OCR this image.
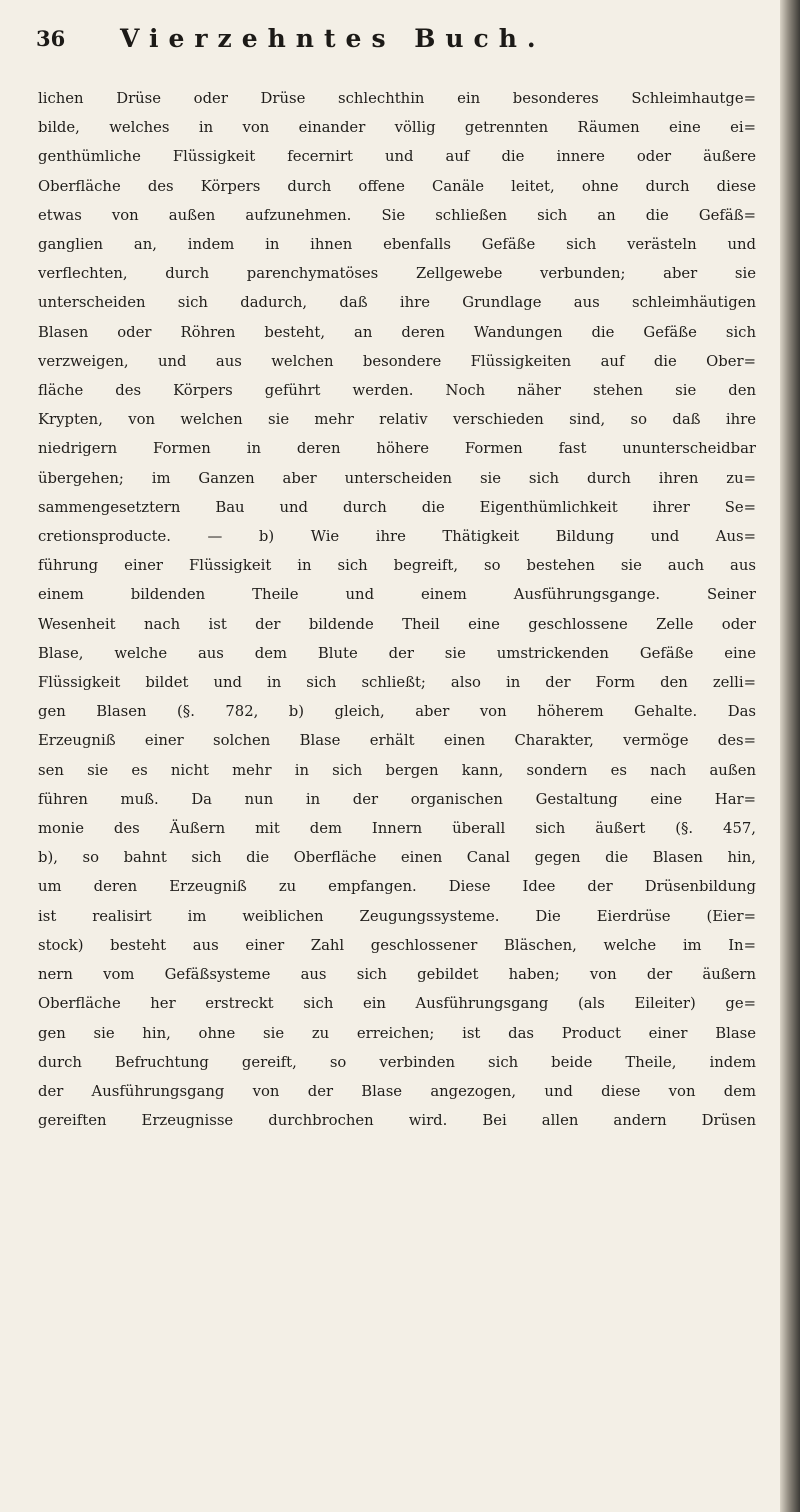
36 Vierzehntes Buch.
lichen Drüse oder Drüse schlechthin ein besonderes Schleimhautge=
bilde, welches in von einander völlig getrennten Räumen eine ei=
genthümliche Flüssigkeit fecernirt und auf die innere oder äußere
Oberfläche des Körpers durch offene Canäle leitet, ohne durch diese
etwas von außen aufzunehmen. Sie schließen sich an die Gefäß=
ganglien an, indem in ihnen ebenfalls Gefäße sich verästeln und
verflechten, durch parenchymatöses Zellgewebe verbunden; aber sie
unterscheiden sich dadurch, daß ihre Grundlage aus schleimhäutigen
Blasen oder Röhren besteht, an deren Wandungen die Gefäße sich
verzweigen, und aus welchen besondere Flüssigkeiten auf die Ober=
fläche des Körpers geführt werden. Noch näher stehen sie den
Krypten, von welchen sie mehr relativ verschieden sind, so daß ihre
niedrigern Formen in deren höhere Formen fast ununterscheidbar
übergehen; im Ganzen aber unterscheiden sie sich durch ihren zu=
sammengesetztern Bau und durch die Eigenthümlichkeit ihrer Se=
cretionsproducte. — b) Wie ihre Thätigkeit Bildung und Aus=
führung einer Flüssigkeit in sich begreift, so bestehen sie auch aus
einem bildenden Theile und einem Ausführungsgange. Seiner
Wesenheit nach ist der bildende Theil eine geschlossene Zelle oder
Blase, welche aus dem Blute der sie umstrickenden Gefäße eine
Flüssigkeit bildet und in sich schließt; also in der Form den zelli=
gen Blasen (§. 782, b) gleich, aber von höherem Gehalte. Das
Erzeugniß einer solchen Blase erhält einen Charakter, vermöge des=
sen sie es nicht mehr in sich bergen kann, sondern es nach außen
führen muß. Da nun in der organischen Gestaltung eine Har=
monie des Äußern mit dem Innern überall sich äußert (§. 457,
b), so bahnt sich die Oberfläche einen Canal gegen die Blasen hin,
um deren Erzeugniß zu empfangen. Diese Idee der Drüsenbildung
ist realisirt im weiblichen Zeugungssysteme. Die Eierdrüse (Eier=
stock) besteht aus einer Zahl geschlossener Bläschen, welche im In=
nern vom Gefäßsysteme aus sich gebildet haben; von der äußern
Oberfläche her erstreckt sich ein Ausführungsgang (als Eileiter) ge=
gen sie hin, ohne sie zu erreichen; ist das Product einer Blase
durch Befruchtung gereift, so verbinden sich beide Theile, indem
der Ausführungsgang von der Blase angezogen, und diese von dem
gereiften Erzeugnisse durchbrochen wird. Bei allen andern Drüsen
